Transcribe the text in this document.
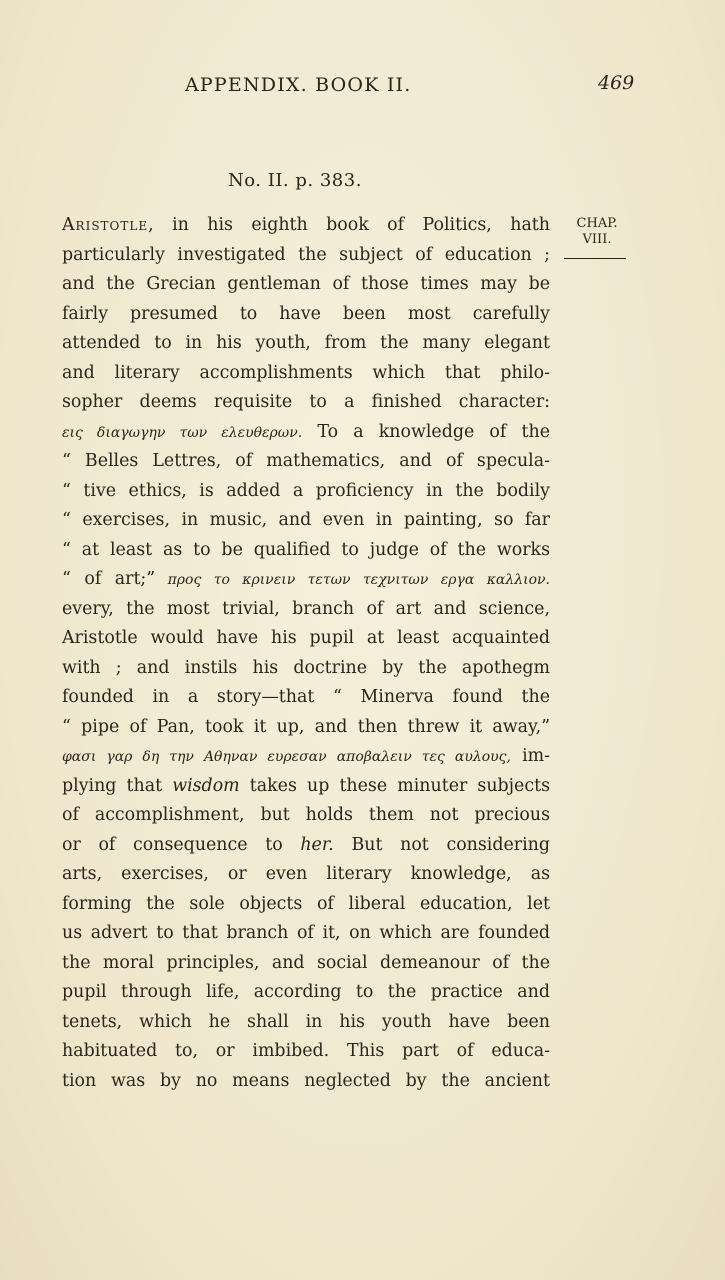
APPENDIX. BOOK II.	469
No. II. p. 383.
CHAP.
VIII.
Aristotle, in his eighth book of Politics, hath
particularly investigated the subject of education ;
and the Grecian gentleman of those times may be
fairly presumed to have been most carefully
attended to in his youth, from the many elegant
and literary accomplishments which that philo-
sopher deems requisite to a finished character:
εις διαγωγην των ελευθερων. To a knowledge of the
“ Belles Lettres, of mathematics, and of specula-
“ tive ethics, is added a proficiency in the bodily
“ exercises, in music, and even in painting, so far
“ at least as to be qualified to judge of the works
“ of art;” προς το κρινειν τετων τεχνιτων εργα καλλιον.
every, the most trivial, branch of art and science,
Aristotle would have his pupil at least acquainted
with ; and instils his doctrine by the apothegm
founded in a story—that “ Minerva found the
“ pipe of Pan, took it up, and then threw it away,”
φασι γαρ δη την Αθηναν ευρεσαν αποβαλειν τες αυλους, im-
plying that wisdom takes up these minuter subjects
of accomplishment, but holds them not precious
or of consequence to her. But not considering
arts, exercises, or even literary knowledge, as
forming the sole objects of liberal education, let
us advert to that branch of it, on which are founded
the moral principles, and social demeanour of the
pupil through life, according to the practice and
tenets, which he shall in his youth have been
habituated to, or imbibed. This part of educa-
tion was by no means neglected by the ancient
